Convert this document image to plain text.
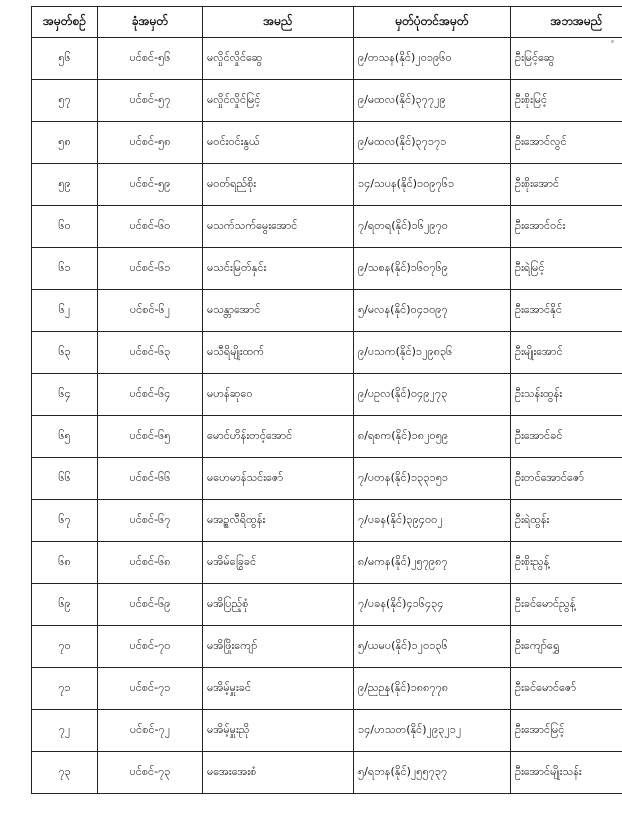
အမှတ်စဉ်	ခုံအမှတ်	အမည်	မှတ်ပုံတင်အမှတ်	အဘအမည်
၅၆	ပင်စင်-၅၆	မလှိုင်လှိုင်ဆွေ	၉/တသန(နိုင်)၂၀၁၉၆၀	ဦးမြင့်ဆွေ
၅၇	ပင်စင်-၅၇	မလှိုင်လှိုင်မြင့်	၉/မထလ(နိုင်)၃၇၇၂၉	ဦးစိုးမြင့်
၅၈	ပင်စင်-၅၈	မဝင်းဝင်းနွယ်	၉/မထလ(နိုင်)၃၇၁၇၁	ဦးအောင်လွင်
၅၉	ပင်စင်-၅၉	မဝတ်ရည်စိုး	၁၄/သပန(နိုင်)၁၀၉၇၆၁	ဦးစိုးအောင်
၆၀	ပင်စင်-၆၀	မသက်သက်မွေးအောင်	၇/ရတရ(နိုင်)၁၆၂၉၇၀	ဦးအောင်ဝင်း
၆၁	ပင်စင်-၆၁	မသင်းမြတ်နှင်း	၉/သစန(နိုင်)၁၆၀၇၆၉	ဦးရဲမြင့်
၆၂	ပင်စင်-၆၂	မသန္တာအောင်	၅/မလန(နိုင်)၀၄၁၀၉၇	ဦးအောင်နိုင်
၆၃	ပင်စင်-၆၃	မသီရိမျိုးထက်	၉/ပသက(နိုင်)၁၂၉၈၃၆	ဦးမျိုးအောင်
၆၄	ပင်စင်-၆၄	မဟန်ဆုဝေ	၉/ပဥလ(နိုင်)၀၄၉၂၇၃	ဦးသန်းထွန်း
၆၅	ပင်စင်-၆၅	မောင်ဟိန်းတင့်အောင်	၈/ရစက(နိုင်)၁၈၂၀၅၉	ဦးအောင်ခင်
၆၆	ပင်စင်-၆၆	မဟေမာန်သင်းဇော်	၇/ပတန(နိုင်)၁၃၃၁၅၁	ဦးတင်အောင်ဇော်
၆၇	ပင်စင်-၆၇	မအဥ္စလီရိထွန်း	၇/ပခန(နိုင်)၃၉၄၀၀၂	ဦးရဲထွန်း
၆၈	ပင်စင်-၆၈	မအိမ်ခြွေခင်	၈/မကန(နိုင်)၂၅၇၉၈၇	ဦးစိုးညွန့်
၆၉	ပင်စင်-၆၉	မအိပြည့်စုံ	၇/ပခန(နိုင်)၄၁၆၄၃၄	ဦးခင်မောင်ညွန့်
၇၀	ပင်စင်-၇၀	မအိဖြိုးကျော်	၅/ယမပ(နိုင်)၁၂၀၁၃၆	ဦးကျော်ရွှေ
၇၁	ပင်စင်-၇၁	မအိမ့်မှူးခင်	၉/ညဉန(နိုင်)၁၈၈၇၇၈	ဦးခင်မောင်ဇော်
၇၂	ပင်စင်-၇၂	မအိမ့်မှူးညို	၁၄/ဟသတ(နိုင်)၂၉၃၂၁၂	ဦးအောင်မြင့်
၇၃	ပင်စင်-၇၃	မအေးအေးစံ	၅/ရဘန(နိုင်)၂၅၅၇၃၇	ဦးအောင်မျိုးသန်း
